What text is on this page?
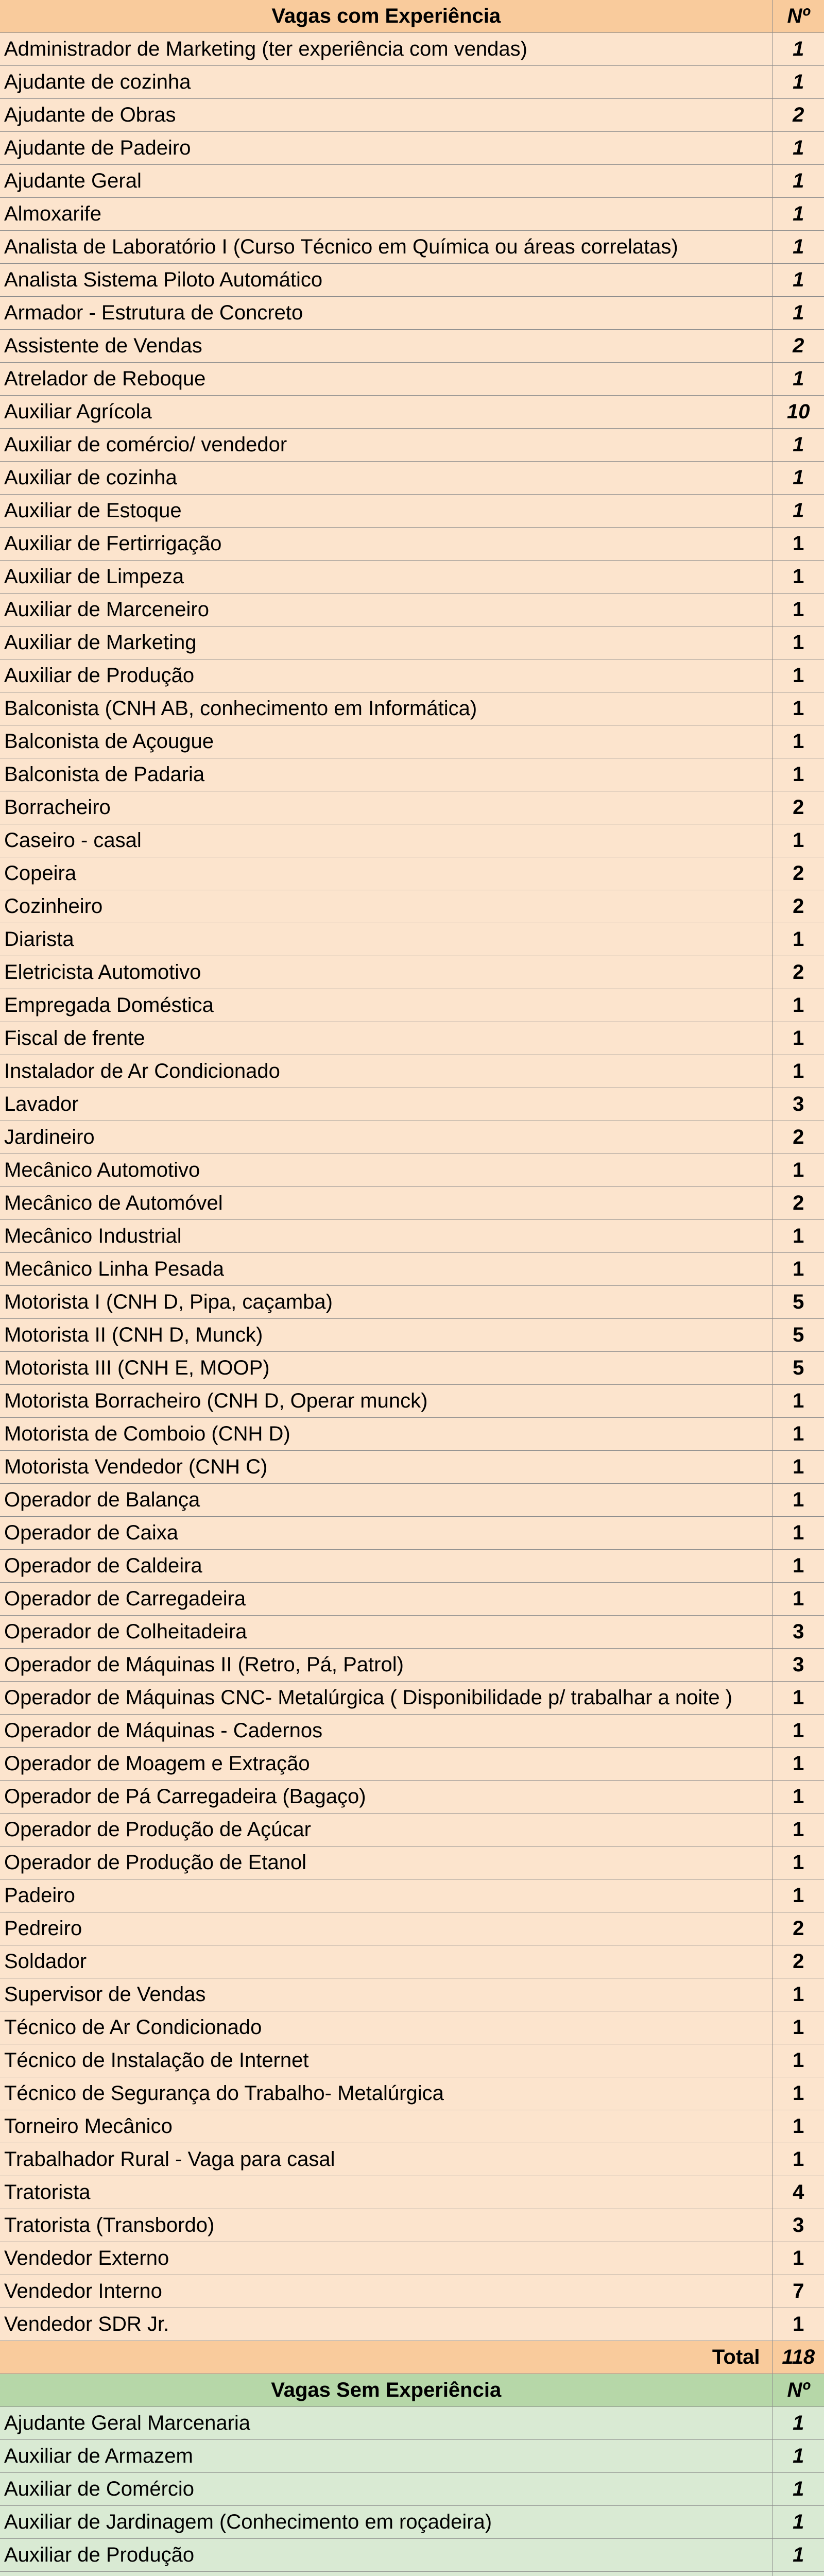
Vagas com Experiência	Nº
Administrador de Marketing (ter experiência com vendas)	1
Ajudante de cozinha	1
Ajudante de Obras	2
Ajudante de Padeiro	1
Ajudante Geral	1
Almoxarife	1
Analista de Laboratório I (Curso Técnico em Química ou áreas correlatas)	1
Analista Sistema Piloto Automático	1
Armador - Estrutura de Concreto	1
Assistente de Vendas	2
Atrelador de Reboque	1
Auxiliar Agrícola	10
Auxiliar de comércio/ vendedor	1
Auxiliar de cozinha	1
Auxiliar de Estoque	1
Auxiliar de Fertirrigação	1
Auxiliar de Limpeza	1
Auxiliar de Marceneiro	1
Auxiliar de Marketing	1
Auxiliar de Produção	1
Balconista (CNH AB, conhecimento em Informática)	1
Balconista de Açougue	1
Balconista de Padaria	1
Borracheiro	2
Caseiro - casal	1
Copeira	2
Cozinheiro	2
Diarista	1
Eletricista Automotivo	2
Empregada Doméstica	1
Fiscal de frente	1
Instalador de Ar Condicionado	1
Lavador	3
Jardineiro	2
Mecânico Automotivo	1
Mecânico de Automóvel	2
Mecânico Industrial	1
Mecânico Linha Pesada	1
Motorista I (CNH D, Pipa, caçamba)	5
Motorista II (CNH D, Munck)	5
Motorista III (CNH E, MOOP)	5
Motorista Borracheiro (CNH D, Operar munck)	1
Motorista de Comboio (CNH D)	1
Motorista Vendedor (CNH C)	1
Operador de Balança	1
Operador de Caixa	1
Operador de Caldeira	1
Operador de Carregadeira	1
Operador de Colheitadeira	3
Operador de Máquinas II (Retro, Pá, Patrol)	3
Operador de Máquinas CNC- Metalúrgica ( Disponibilidade p/ trabalhar a noite )	1
Operador de Máquinas - Cadernos	1
Operador de Moagem e Extração	1
Operador de Pá Carregadeira (Bagaço)	1
Operador de Produção de Açúcar	1
Operador de Produção de Etanol	1
Padeiro	1
Pedreiro	2
Soldador	2
Supervisor de Vendas	1
Técnico de Ar Condicionado	1
Técnico de Instalação de Internet	1
Técnico de Segurança do Trabalho- Metalúrgica	1
Torneiro Mecânico	1
Trabalhador Rural - Vaga para casal	1
Tratorista	4
Tratorista (Transbordo)	3
Vendedor Externo	1
Vendedor Interno	7
Vendedor SDR Jr.	1
Total	118
Vagas Sem Experiência	Nº
Ajudante Geral Marcenaria	1
Auxiliar de Armazem	1
Auxiliar de Comércio	1
Auxiliar de Jardinagem (Conhecimento em roçadeira)	1
Auxiliar de Produção	1
